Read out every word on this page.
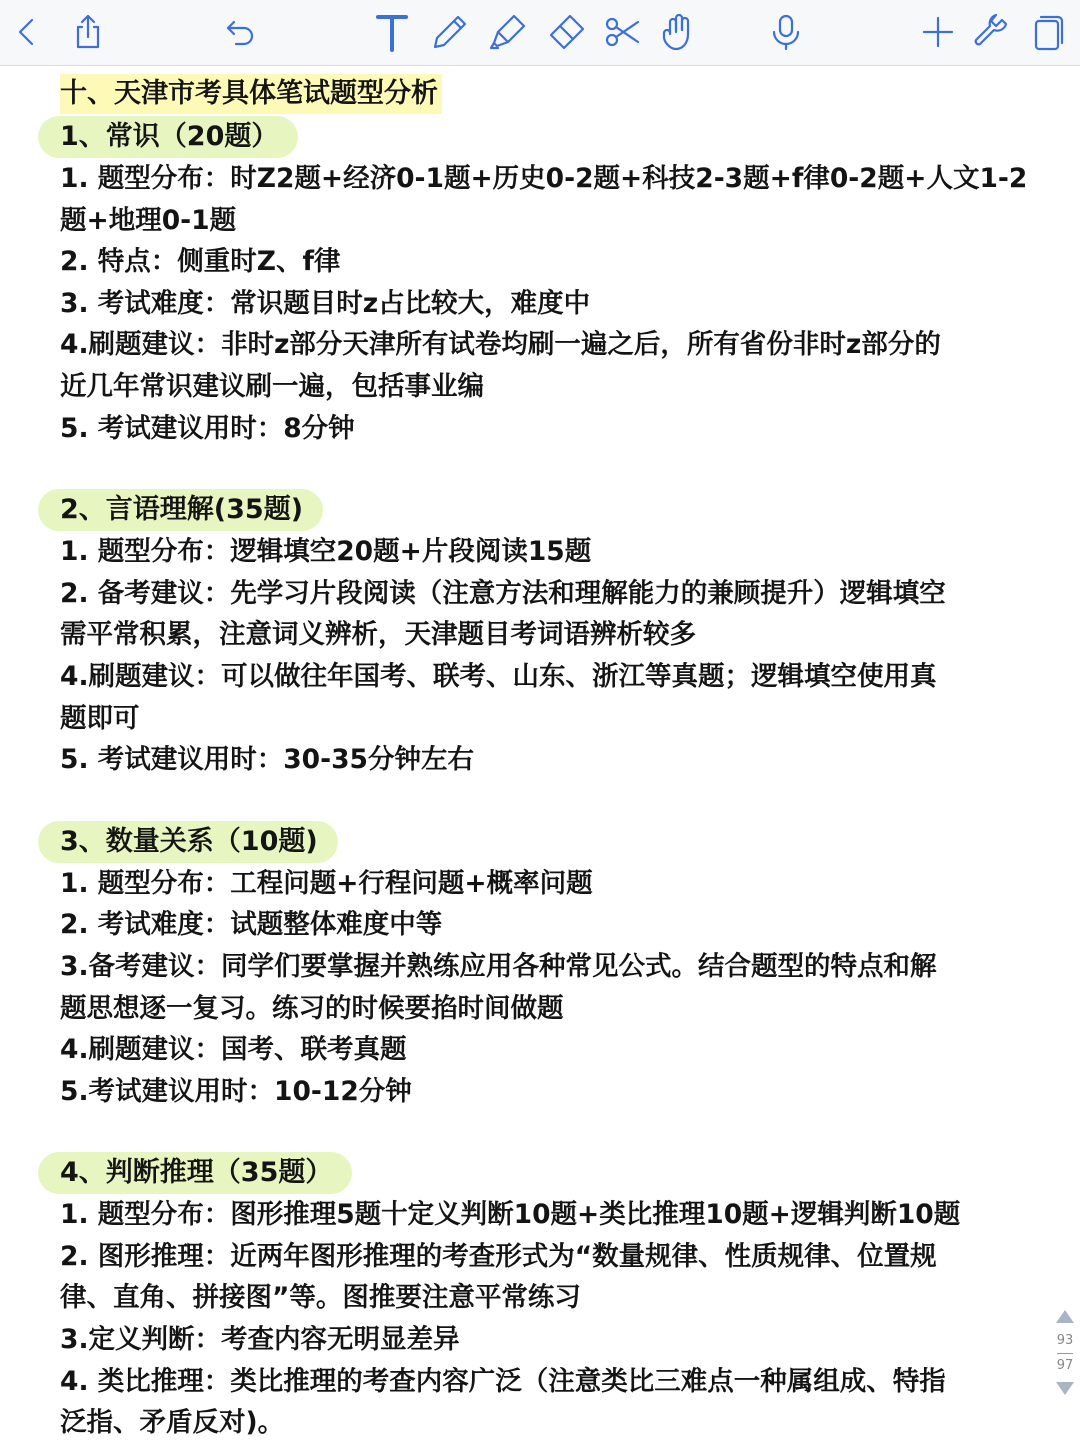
十、天津市考具体笔试题型分析
1、常识（20题）
1. 题型分布：时Z2题+经济0-1题+历史0-2题+科技2-3题+f律0-2题+人文1-2
题+地理0-1题
2. 特点：侧重时Z、f律
3. 考试难度：常识题目时z占比较大，难度中
4.刷题建议：非时z部分天津所有试卷均刷一遍之后，所有省份非时z部分的
近几年常识建议刷一遍，包括事业编
5. 考试建议用时：8分钟
2、言语理解(35题)
1. 题型分布：逻辑填空20题+片段阅读15题
2. 备考建议：先学习片段阅读（注意方法和理解能力的兼顾提升）逻辑填空
需平常积累，注意词义辨析，天津题目考词语辨析较多
4.刷题建议：可以做往年国考、联考、山东、浙江等真题；逻辑填空使用真
题即可
5. 考试建议用时：30-35分钟左右
3、数量关系（10题)
1. 题型分布：工程问题+行程问题+概率问题
2. 考试难度：试题整体难度中等
3.备考建议：同学们要掌握并熟练应用各种常见公式。结合题型的特点和解
题思想逐一复习。练习的时候要掐时间做题
4.刷题建议：国考、联考真题
5.考试建议用时：10-12分钟
4、判断推理（35题）
1. 题型分布：图形推理5题十定义判断10题+类比推理10题+逻辑判断10题
2. 图形推理：近两年图形推理的考查形式为“数量规律、性质规律、位置规
律、直角、拼接图”等。图推要注意平常练习
3.定义判断：考查内容无明显差异
4. 类比推理：类比推理的考查内容广泛（注意类比三难点一种属组成、特指
泛指、矛盾反对)。
93
97
